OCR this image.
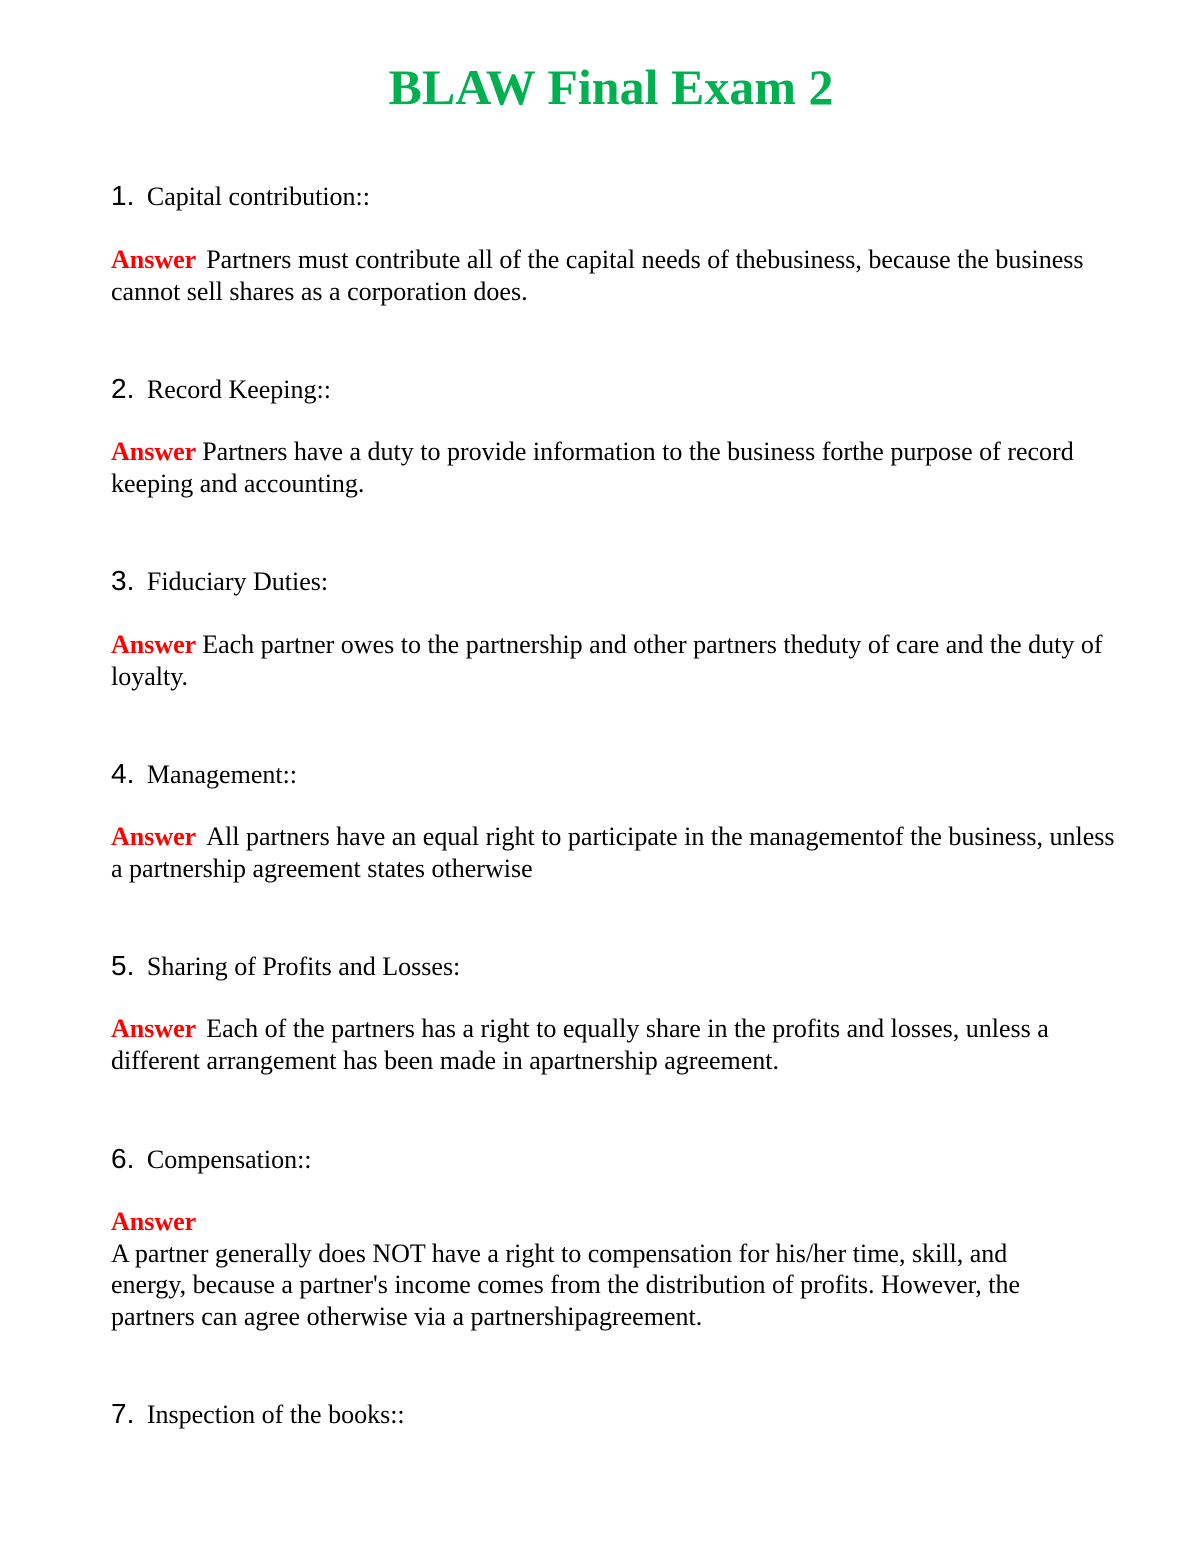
BLAW Final Exam 2
1. Capital contribution::
Answer Partners must contribute all of the capital needs of thebusiness, because the business cannot sell shares as a corporation does.
2. Record Keeping::
Answer Partners have a duty to provide information to the business forthe purpose of record keeping and accounting.
3. Fiduciary Duties:
Answer Each partner owes to the partnership and other partners theduty of care and the duty of loyalty.
4. Management::
Answer All partners have an equal right to participate in the managementof the business, unless a partnership agreement states otherwise
5. Sharing of Profits and Losses:
Answer Each of the partners has a right to equally share in the profits and losses, unless a different arrangement has been made in apartnership agreement.
6. Compensation::
Answer
A partner generally does NOT have a right to compensation for his/her time, skill, and energy, because a partner's income comes from the distribution of profits. However, the partners can agree otherwise via a partnershipagreement.
7. Inspection of the books::
